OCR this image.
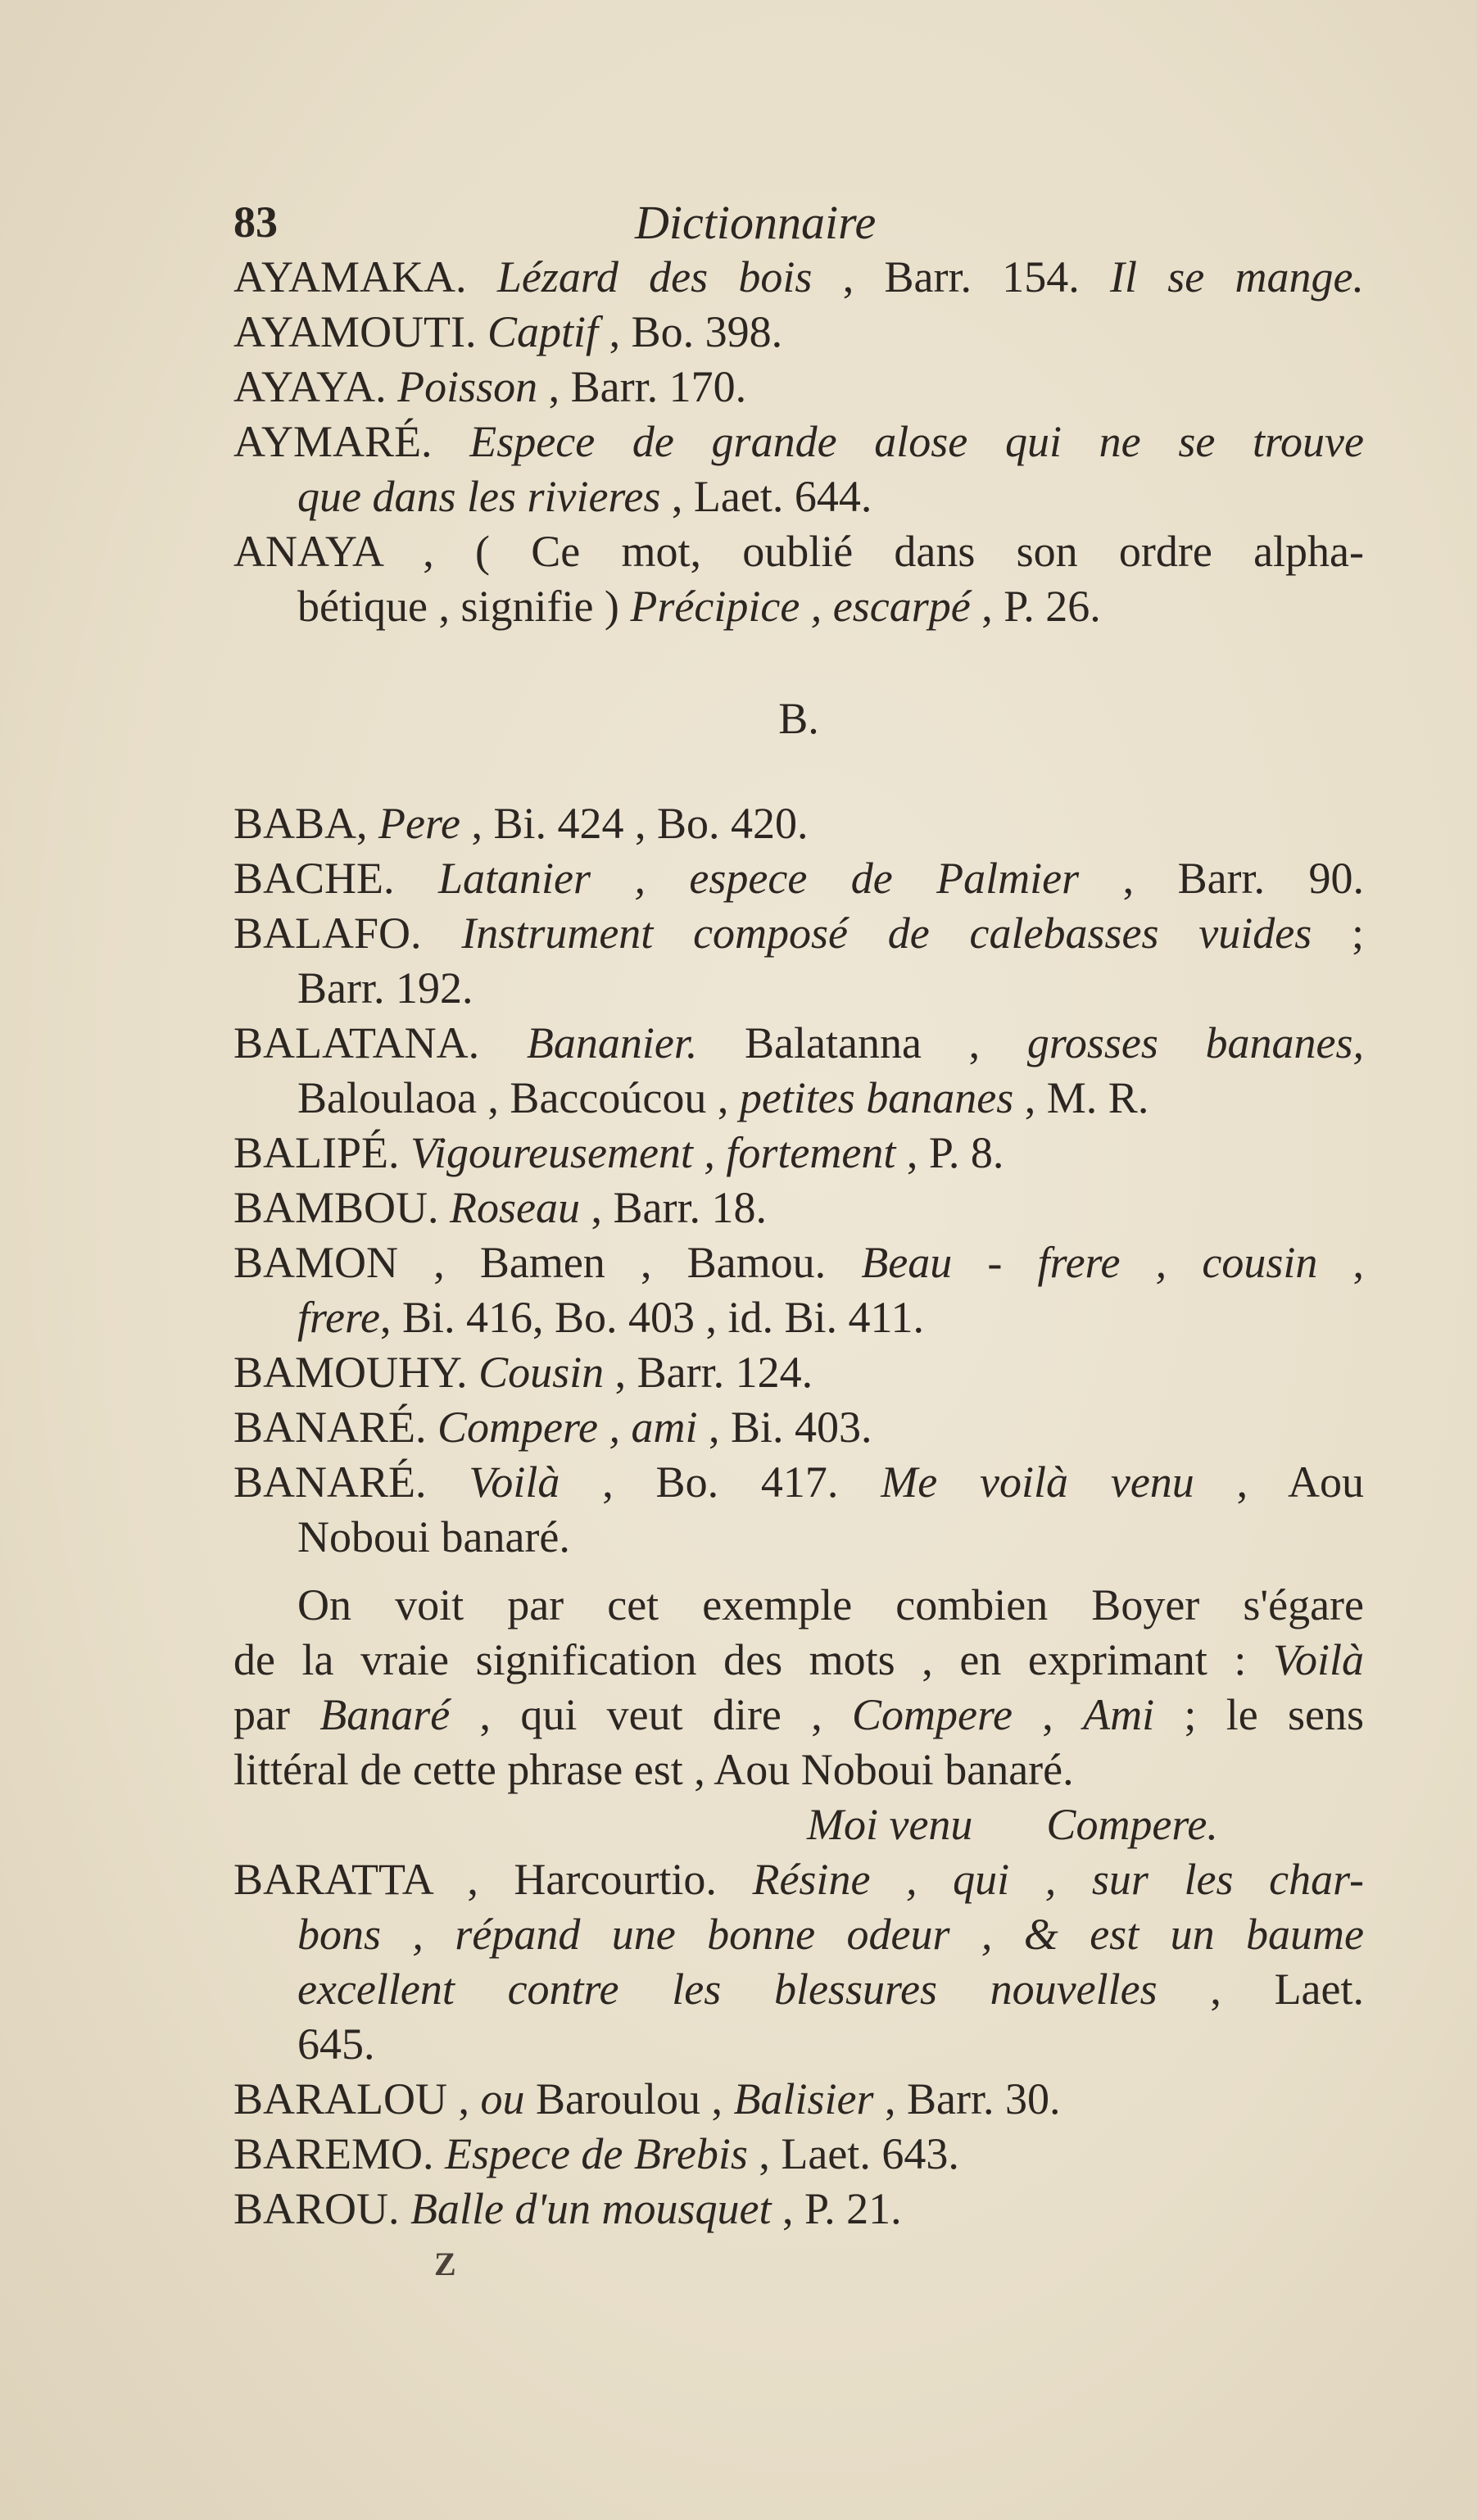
83	Dictionnaire
AYAMAKA. Lézard des bois , Barr. 154. Il se mange.
AYAMOUTI. Captif , Bo. 398.
AYAYA. Poisson , Barr. 170.
AYMARÉ. Espece de grande alose qui ne se trouve
que dans les rivieres , Laet. 644.
ANAYA , ( Ce mot, oublié dans son ordre alpha-
bétique , signifie ) Précipice , escarpé , P. 26.
B.
BABA, Pere , Bi. 424 , Bo. 420.
BACHE. Latanier , espece de Palmier , Barr. 90.
BALAFO. Instrument composé de calebasses vuides ;
Barr. 192.
BALATANA. Bananier. Balatanna , grosses bananes,
Baloulaoa , Baccoúcou , petites bananes , M. R.
BALIPÉ. Vigoureusement , fortement , P. 8.
BAMBOU. Roseau , Barr. 18.
BAMON , Bamen , Bamou. Beau - frere , cousin ,
frere, Bi. 416, Bo. 403 , id. Bi. 411.
BAMOUHY. Cousin , Barr. 124.
BANARÉ. Compere , ami , Bi. 403.
BANARÉ. Voilà , Bo. 417. Me voilà venu , Aou
Noboui banaré.
On voit par cet exemple combien Boyer s'égare
de la vraie signification des mots , en exprimant : Voilà
par Banaré , qui veut dire , Compere , Ami ; le sens
littéral de cette phrase est , Aou Noboui banaré.
Moi venu Compere.
BARATTA , Harcourtio. Résine , qui , sur les char-
bons , répand une bonne odeur , & est un baume
excellent contre les blessures nouvelles , Laet.
645.
BARALOU , ou Baroulou , Balisier , Barr. 30.
BAREMO. Espece de Brebis , Laet. 643.
BAROU. Balle d'un mousquet , P. 21.
Z
